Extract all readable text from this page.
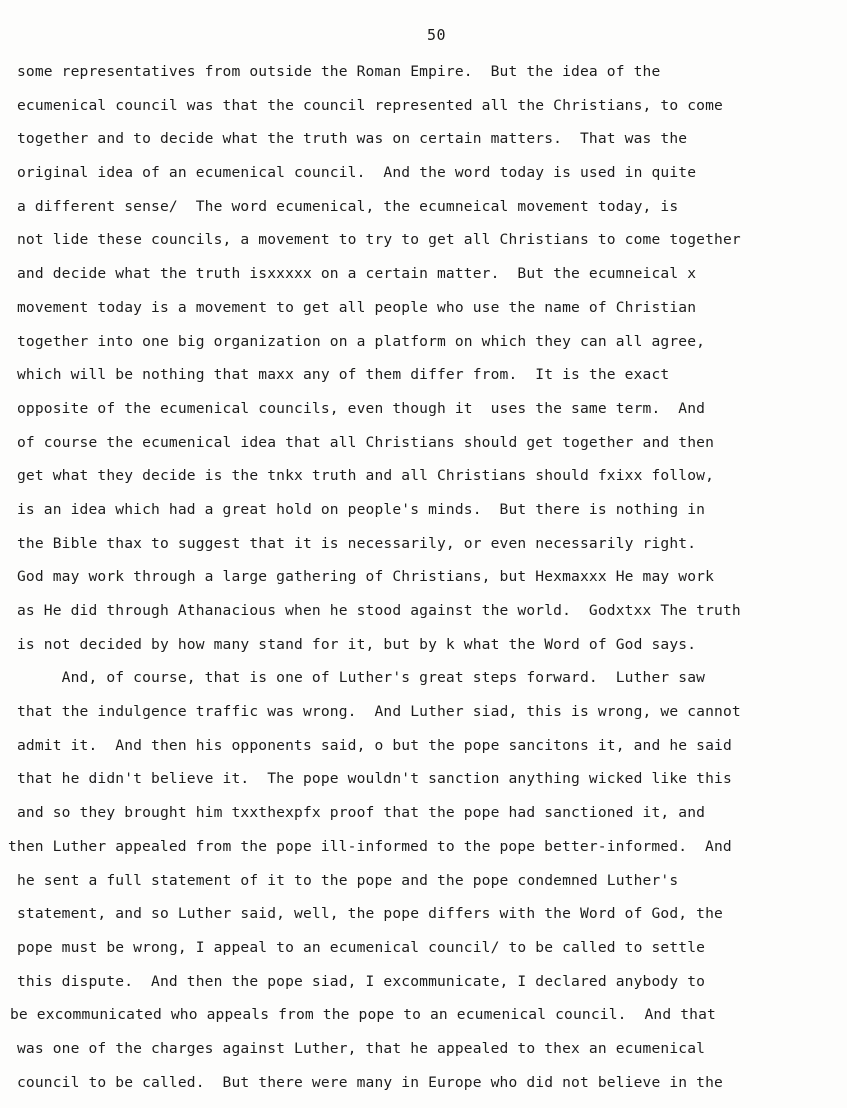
50
some representatives from outside the Roman Empire.  But the idea of the
ecumenical council was that the council represented all the Christians, to come
together and to decide what the truth was on certain matters.  That was the
original idea of an ecumenical council.  And the word today is used in quite
a different sense/  The word ecumenical, the ecumneical movement today, is
not lide these councils, a movement to try to get all Christians to come together
and decide what the truth isxxxxx on a certain matter.  But the ecumneical x
movement today is a movement to get all people who use the name of Christian
together into one big organization on a platform on which they can all agree,
which will be nothing that maxx any of them differ from.  It is the exact
opposite of the ecumenical councils, even though it  uses the same term.  And
of course the ecumenical idea that all Christians should get together and then
get what they decide is the tnkx truth and all Christians should fxixx follow,
is an idea which had a great hold on people's minds.  But there is nothing in
the Bible thax to suggest that it is necessarily, or even necessarily right.
God may work through a large gathering of Christians, but Hexmaxxx He may work
as He did through Athanacious when he stood against the world.  Godxtxx The truth
is not decided by how many stand for it, but by k what the Word of God says.
And, of course, that is one of Luther's great steps forward.  Luther saw
that the indulgence traffic was wrong.  And Luther siad, this is wrong, we cannot
admit it.  And then his opponents said, o but the pope sancitons it, and he said
that he didn't believe it.  The pope wouldn't sanction anything wicked like this
and so they brought him txxthexpfx proof that the pope had sanctioned it, and
then Luther appealed from the pope ill-informed to the pope better-informed.  And
he sent a full statement of it to the pope and the pope condemned Luther's
statement, and so Luther said, well, the pope differs with the Word of God, the
pope must be wrong, I appeal to an ecumenical council/ to be called to settle
this dispute.  And then the pope siad, I excommunicate, I declared anybody to
be excommunicated who appeals from the pope to an ecumenical council.  And that
was one of the charges against Luther, that he appealed to thex an ecumenical
council to be called.  But there were many in Europe who did not believe in the
